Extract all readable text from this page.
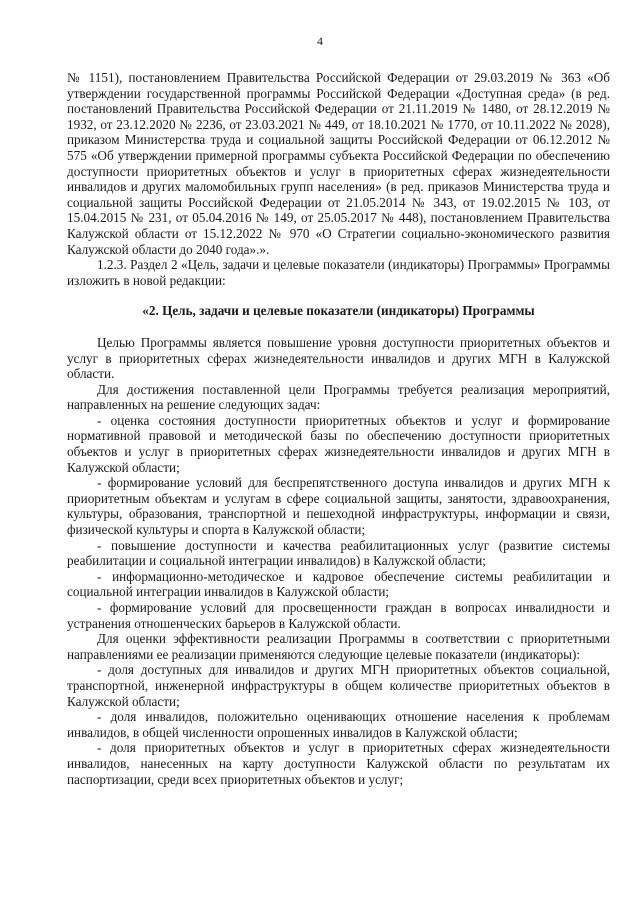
4

№ 1151), постановлением Правительства Российской Федерации от 29.03.2019 № 363 «Об утверждении государственной программы Российской Федерации «Доступная среда» (в ред. постановлений Правительства Российской Федерации от 21.11.2019 № 1480, от 28.12.2019 № 1932, от 23.12.2020 № 2236, от 23.03.2021 № 449, от 18.10.2021 № 1770, от 10.11.2022 № 2028), приказом Министерства труда и социальной защиты Российской Федерации от 06.12.2012 № 575 «Об утверждении примерной программы субъекта Российской Федерации по обеспечению доступности приоритетных объектов и услуг в приоритетных сферах жизнедеятельности инвалидов и других маломобильных групп населения» (в ред. приказов Министерства труда и социальной защиты Российской Федерации от 21.05.2014 № 343, от 19.02.2015 № 103, от 15.04.2015 № 231, от 05.04.2016 № 149, от 25.05.2017 № 448), постановлением Правительства Калужской области от 15.12.2022 № 970 «О Стратегии социально-экономического развития Калужской области до 2040 года».».

1.2.3. Раздел 2 «Цель, задачи и целевые показатели (индикаторы) Программы» Программы изложить в новой редакции:

«2. Цель, задачи и целевые показатели (индикаторы) Программы

Целью Программы является повышение уровня доступности приоритетных объектов и услуг в приоритетных сферах жизнедеятельности инвалидов и других МГН в Калужской области.

Для достижения поставленной цели Программы требуется реализация мероприятий, направленных на решение следующих задач:

- оценка состояния доступности приоритетных объектов и услуг и формирование нормативной правовой и методической базы по обеспечению доступности приоритетных объектов и услуг в приоритетных сферах жизнедеятельности инвалидов и других МГН в Калужской области;

- формирование условий для беспрепятственного доступа инвалидов и других МГН к приоритетным объектам и услугам в сфере социальной защиты, занятости, здравоохранения, культуры, образования, транспортной и пешеходной инфраструктуры, информации и связи, физической культуры и спорта в Калужской области;

- повышение доступности и качества реабилитационных услуг (развитие системы реабилитации и социальной интеграции инвалидов) в Калужской области;

- информационно-методическое и кадровое обеспечение системы реабилитации и социальной интеграции инвалидов в Калужской области;

- формирование условий для просвещенности граждан в вопросах инвалидности и устранения отношенческих барьеров в Калужской области.

Для оценки эффективности реализации Программы в соответствии с приоритетными направлениями ее реализации применяются следующие целевые показатели (индикаторы):

- доля доступных для инвалидов и других МГН приоритетных объектов социальной, транспортной, инженерной инфраструктуры в общем количестве приоритетных объектов в Калужской области;

- доля инвалидов, положительно оценивающих отношение населения к проблемам инвалидов, в общей численности опрошенных инвалидов в Калужской области;

- доля приоритетных объектов и услуг в приоритетных сферах жизнедеятельности инвалидов, нанесенных на карту доступности Калужской области по результатам их паспортизации, среди всех приоритетных объектов и услуг;
